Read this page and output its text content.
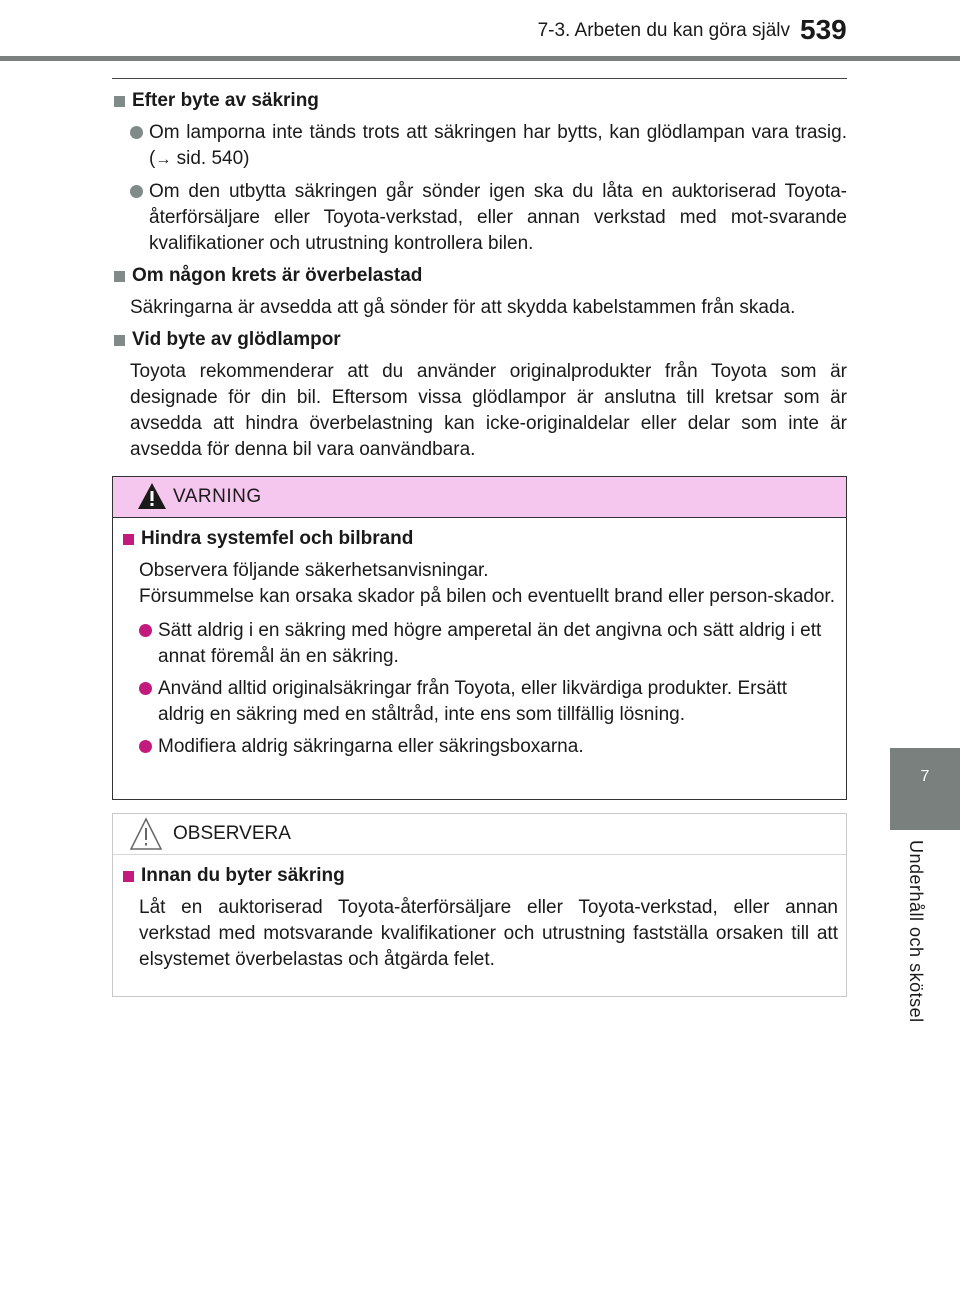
7-3. Arbeten du kan göra själv 539
7
Underhåll och skötsel
Efter byte av säkring
Om lamporna inte tänds trots att säkringen har bytts, kan glödlampan vara trasig. (→ sid. 540)
Om den utbytta säkringen går sönder igen ska du låta en auktoriserad Toyota-återförsäljare eller Toyota-verkstad, eller annan verkstad med mot-svarande kvalifikationer och utrustning kontrollera bilen.
Om någon krets är överbelastad

Säkringarna är avsedda att gå sönder för att skydda kabelstammen från skada.

Vid byte av glödlampor

Toyota rekommenderar att du använder originalprodukter från Toyota som är designade för din bil. Eftersom vissa glödlampor är anslutna till kretsar som är avsedda att hindra överbelastning kan icke-originaldelar eller delar som inte är avsedda för denna bil vara oanvändbara.

VARNING
Hindra systemfel och bilbrand

Observera följande säkerhetsanvisningar.

Försummelse kan orsaka skador på bilen och eventuellt brand eller person-skador.

Sätt aldrig i en säkring med högre amperetal än det angivna och sätt aldrig i ett annat föremål än en säkring.
Använd alltid originalsäkringar från Toyota, eller likvärdiga produkter. Ersätt aldrig en säkring med en ståltråd, inte ens som tillfällig lösning.
Modifiera aldrig säkringarna eller säkringsboxarna.
OBSERVERA
Innan du byter säkring

Låt en auktoriserad Toyota-återförsäljare eller Toyota-verkstad, eller annan verkstad med motsvarande kvalifikationer och utrustning fastställa orsaken till att elsystemet överbelastas och åtgärda felet.
